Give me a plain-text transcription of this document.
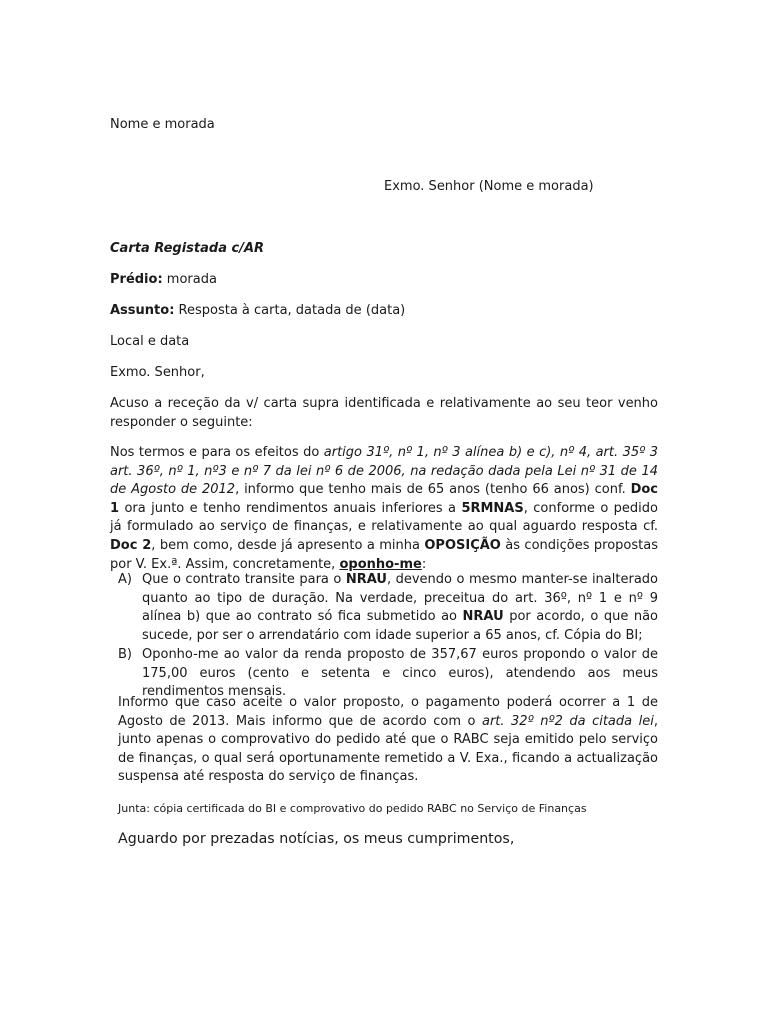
Nome e morada

Exmo. Senhor (Nome e morada)

Carta Registada c/AR

Prédio: morada

Assunto: Resposta à carta, datada de (data)

Local e data

Exmo. Senhor,

Acuso a receção da v/ carta supra identificada e relativamente ao seu teor venho responder o seguinte:

Nos termos e para os efeitos do artigo 31º, nº 1, nº 3 alínea b) e c), nº 4, art. 35º 3 art. 36º, nº 1, nº3 e nº 7 da lei nº 6 de 2006, na redação dada pela Lei nº 31 de 14 de Agosto de 2012, informo que tenho mais de 65 anos (tenho 66 anos) conf. Doc 1 ora junto e tenho rendimentos anuais inferiores a 5RMNAS, conforme o pedido já formulado ao serviço de finanças, e relativamente ao qual aguardo resposta cf. Doc 2, bem como, desde já apresento a minha OPOSIÇÃO às condições propostas por V. Ex.ª. Assim, concretamente, oponho-me:

A) Que o contrato transite para o NRAU, devendo o mesmo manter-se inalterado quanto ao tipo de duração. Na verdade, preceitua do art. 36º, nº 1 e nº 9 alínea b) que ao contrato só fica submetido ao NRAU por acordo, o que não sucede, por ser o arrendatário com idade superior a 65 anos, cf. Cópia do BI;
B) Oponho-me ao valor da renda proposto de 357,67 euros propondo o valor de 175,00 euros (cento e setenta e cinco euros), atendendo aos meus rendimentos mensais.

Informo que caso aceite o valor proposto, o pagamento poderá ocorrer a 1 de Agosto de 2013. Mais informo que de acordo com o art. 32º nº2 da citada lei, junto apenas o comprovativo do pedido até que o RABC seja emitido pelo serviço de finanças, o qual será oportunamente remetido a V. Exa., ficando a actualização suspensa até resposta do serviço de finanças.

Junta: cópia certificada do BI e comprovativo do pedido RABC no Serviço de Finanças

Aguardo por prezadas notícias, os meus cumprimentos,
